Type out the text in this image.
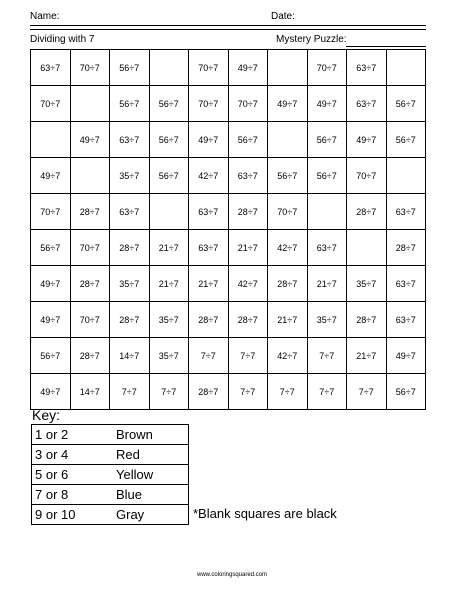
Name:	Date:
Dividing with 7	Mystery Puzzle:
63÷7	70÷7	56÷7		70÷7	49÷7		70÷7	63÷7	
70÷7		56÷7	56÷7	70÷7	70÷7	49÷7	49÷7	63÷7	56÷7
	49÷7	63÷7	56÷7	49÷7	56÷7		56÷7	49÷7	56÷7
49÷7		35÷7	56÷7	42÷7	63÷7	56÷7	56÷7	70÷7	
70÷7	28÷7	63÷7		63÷7	28÷7	70÷7		28÷7	63÷7
56÷7	70÷7	28÷7	21÷7	63÷7	21÷7	42÷7	63÷7		28÷7
49÷7	28÷7	35÷7	21÷7	21÷7	42÷7	28÷7	21÷7	35÷7	63÷7
49÷7	70÷7	28÷7	35÷7	28÷7	28÷7	21÷7	35÷7	28÷7	63÷7
56÷7	28÷7	14÷7	35÷7	7÷7	7÷7	42÷7	7÷7	21÷7	49÷7
49÷7	14÷7	7÷7	7÷7	28÷7	7÷7	7÷7	7÷7	7÷7	56÷7
Key:
1 or 2	Brown
3 or 4	Red
5 or 6	Yellow
7 or 8	Blue
9 or 10	Gray	*Blank squares are black
www.coloringsquared.com
